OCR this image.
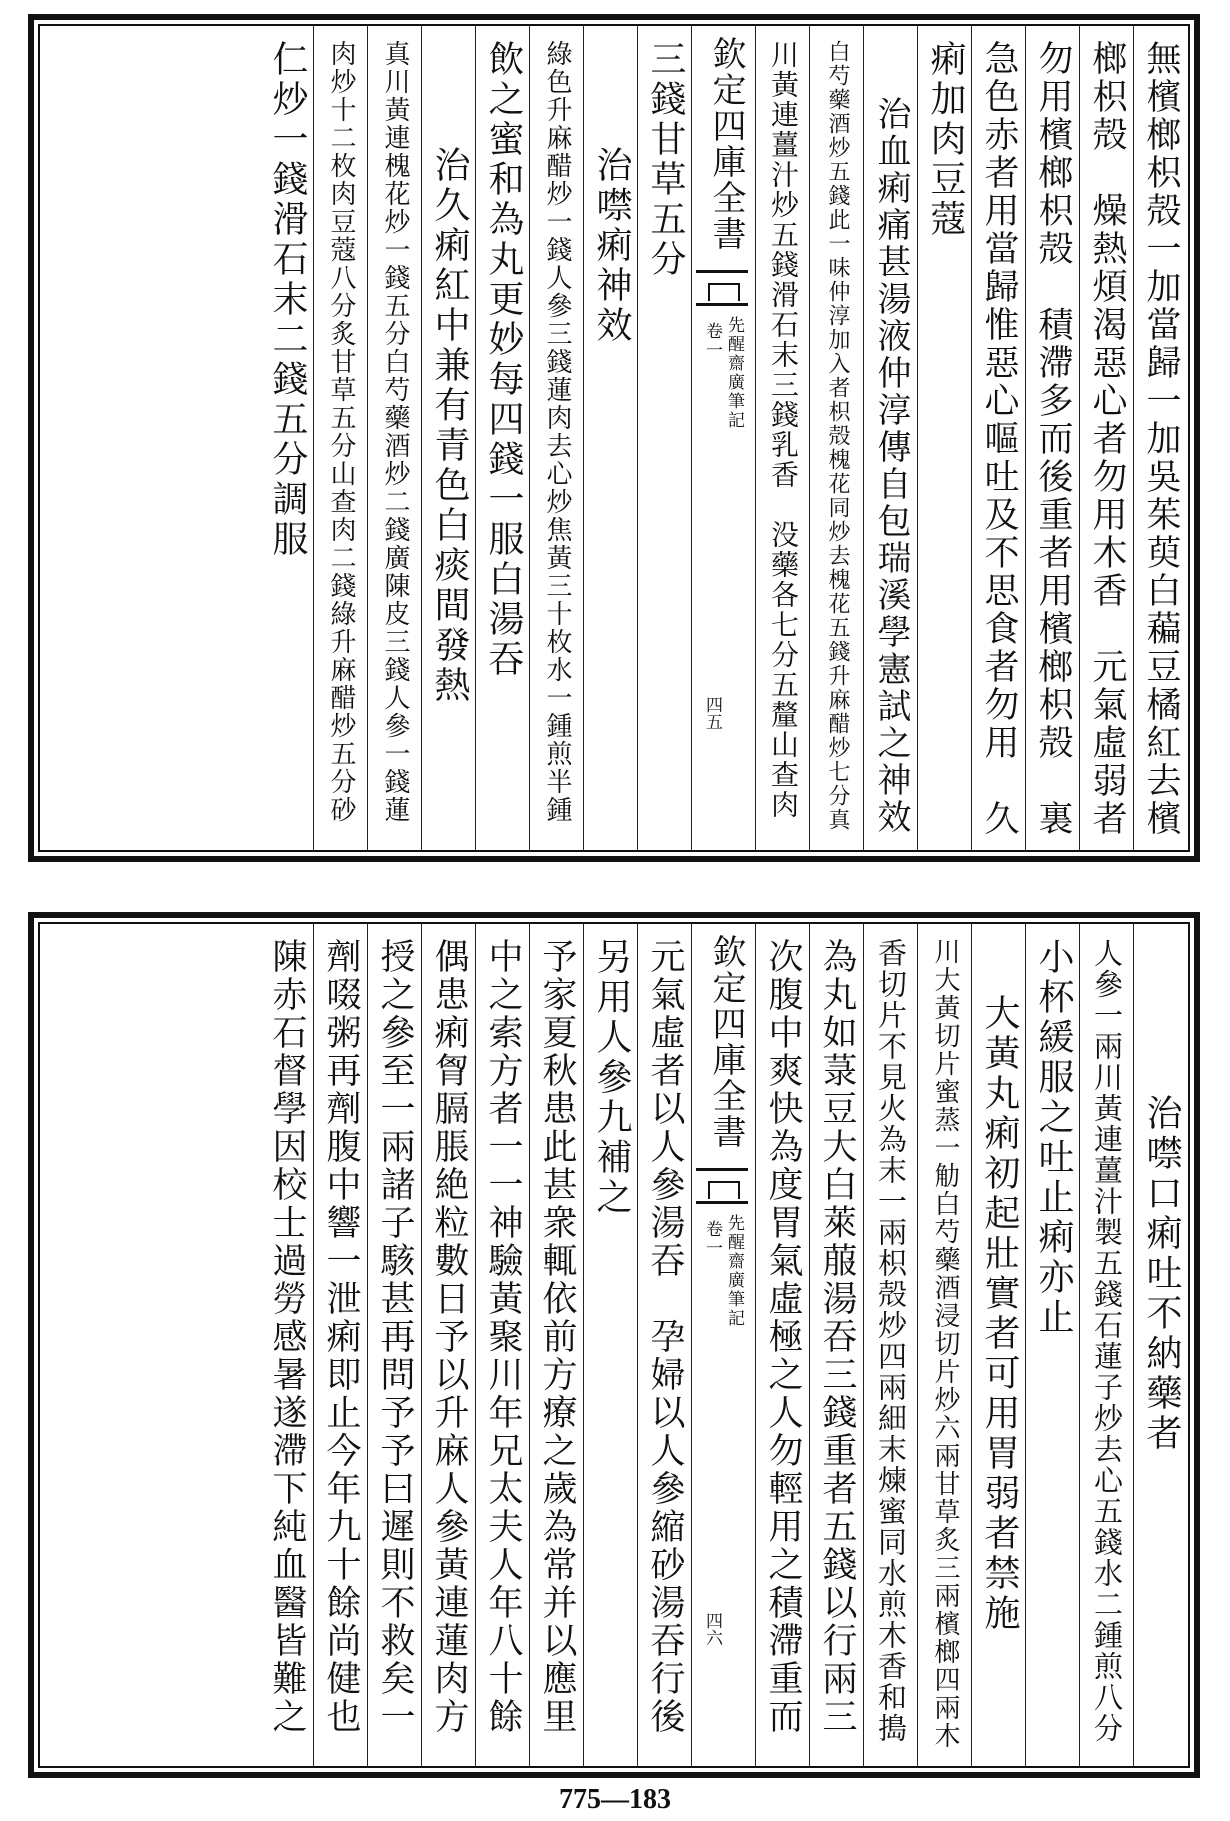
無檳榔枳殻一加當歸一加吳茱萸白藊豆橘紅去檳
榔枳殻　燥熱煩渴惡心者勿用木香　元氣虛弱者
勿用檳榔枳殻　積滯多而後重者用檳榔枳殻　裏
急色赤者用當歸惟惡心嘔吐及不思食者勿用　久
痢加肉豆蔻
治血痢痛甚湯液仲淳傳自包瑞溪學憲試之神效
白芍藥酒炒五錢此一味仲淳加入者枳殻槐花同炒去槐花五錢升麻醋炒七分真
川黃連薑汁炒五錢滑石末三錢乳香　没藥各七分五釐山查肉
欽定四庫全書
先醒齋廣筆記
卷一
四五
三錢甘草五分
治噤痢神效
綠色升麻醋炒一錢人參三錢蓮肉去心炒焦黃三十枚水一鍾煎半鍾
飲之蜜和為丸更妙每四錢一服白湯吞
治久痢紅中兼有青色白痰間發熱
真川黃連槐花炒一錢五分白芍藥酒炒二錢廣陳皮三錢人參一錢蓮
肉炒十二枚肉豆蔻八分炙甘草五分山查肉二錢綠升麻醋炒五分砂
仁炒一錢滑石末二錢五分調服
治噤口痢吐不納藥者
人參一兩川黃連薑汁製五錢石蓮子炒去心五錢水二鍾煎八分
小杯緩服之吐止痢亦止
大黃丸痢初起壯實者可用胃弱者禁施
川大黃切片蜜蒸一觔白芍藥酒浸切片炒六兩甘草炙三兩檳榔四兩木
香切片不見火為末一兩枳殻炒四兩細末煉蜜同水煎木香和搗
為丸如菉豆大白萊菔湯吞三錢重者五錢以行兩三
次腹中爽快為度胃氣虛極之人勿輕用之積滯重而
欽定四庫全書
先醒齋廣筆記
卷一
四六
元氣虛者以人參湯吞　孕婦以人參縮砂湯吞行後
另用人參九補之
予家夏秋患此甚衆輒依前方療之歲為常并以應里
中之索方者一一神驗黃聚川年兄太夫人年八十餘
偶患痢胷膈脹絶粒數日予以升麻人參黃連蓮肉方
授之參至一兩諸子駭甚再問予予曰遲則不救矣一
劑啜粥再劑腹中響一泄痢即止今年九十餘尚健也
陳赤石督學因校士過勞感暑遂滯下純血醫皆難之
775—183
